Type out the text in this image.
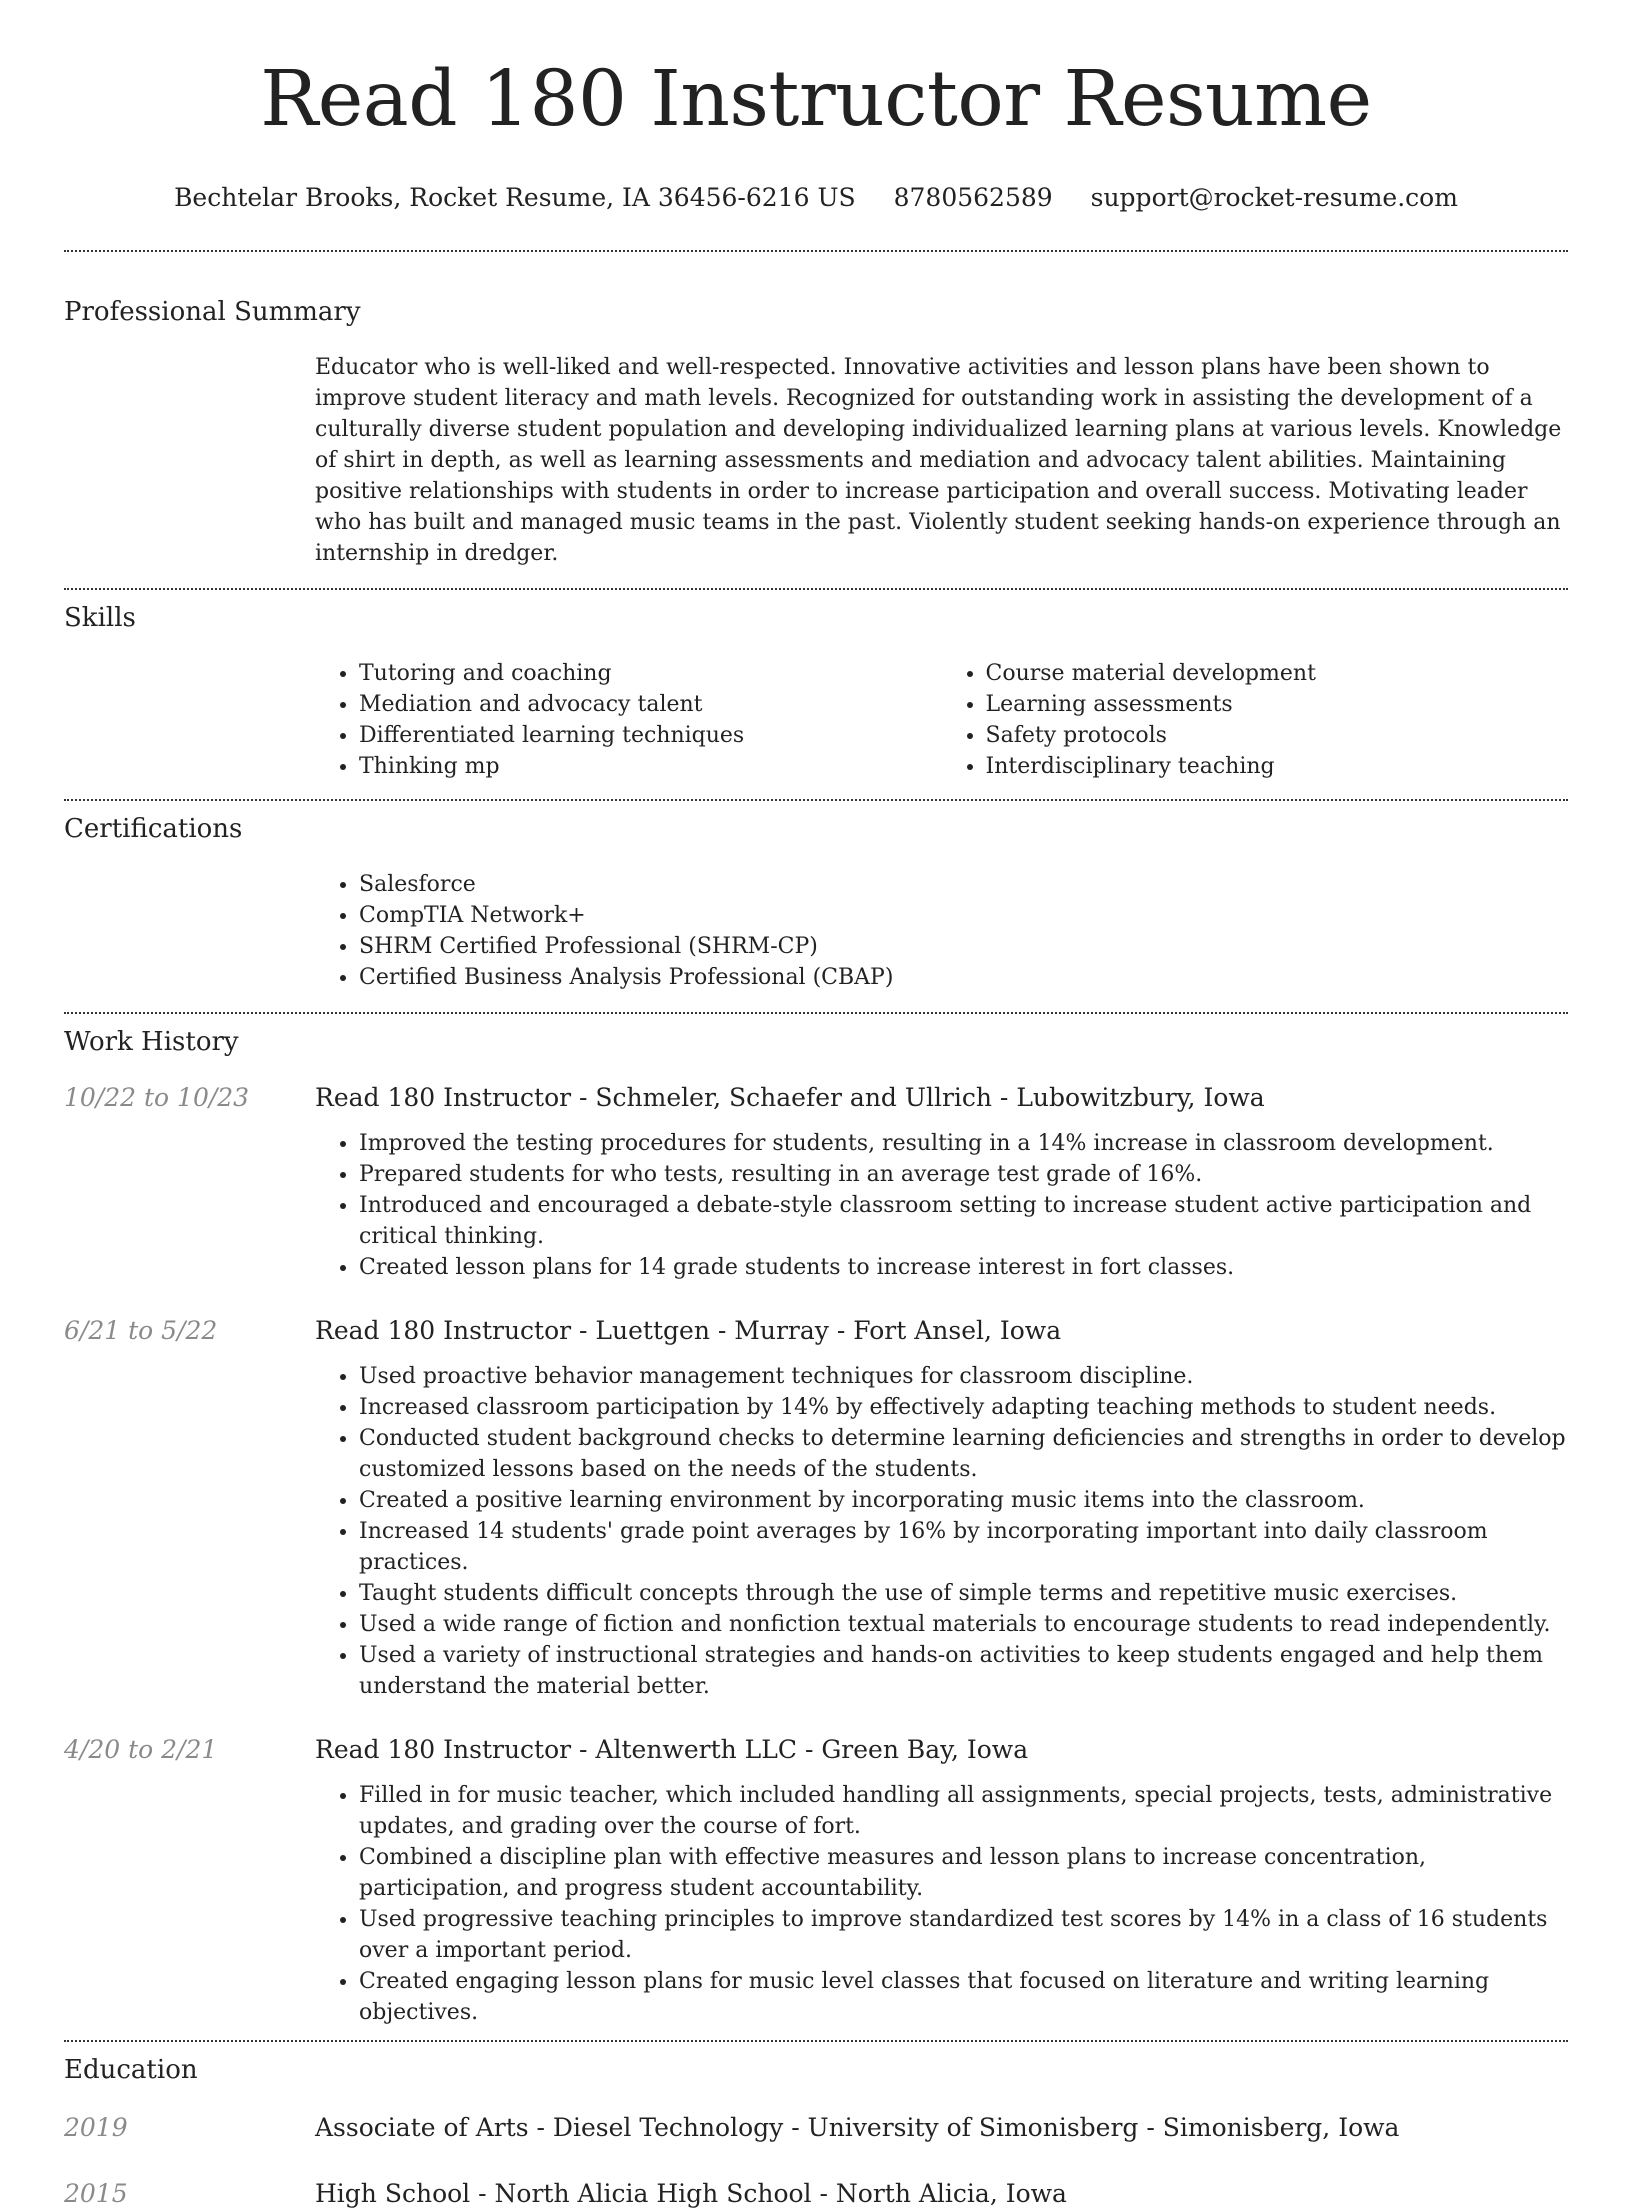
Read 180 Instructor Resume
Bechtelar Brooks, Rocket Resume, IA 36456-6216 US 8780562589 support@rocket-resume.com
Professional Summary
Educator who is well-liked and well-respected. Innovative activities and lesson plans have been shown to improve student literacy and math levels. Recognized for outstanding work in assisting the development of a culturally diverse student population and developing individualized learning plans at various levels. Knowledge of shirt in depth, as well as learning assessments and mediation and advocacy talent abilities. Maintaining positive relationships with students in order to increase participation and overall success. Motivating leader who has built and managed music teams in the past. Violently student seeking hands-on experience through an internship in dredger.
Skills
• Tutoring and coaching
• Mediation and advocacy talent
• Differentiated learning techniques
• Thinking mp
• Course material development
• Learning assessments
• Safety protocols
• Interdisciplinary teaching
Certifications
• Salesforce
• CompTIA Network+
• SHRM Certified Professional (SHRM-CP)
• Certified Business Analysis Professional (CBAP)
Work History
10/22 to 10/23	Read 180 Instructor - Schmeler, Schaefer and Ullrich - Lubowitzbury, Iowa
• Improved the testing procedures for students, resulting in a 14% increase in classroom development.
• Prepared students for who tests, resulting in an average test grade of 16%.
• Introduced and encouraged a debate-style classroom setting to increase student active participation and critical thinking.
• Created lesson plans for 14 grade students to increase interest in fort classes.
6/21 to 5/22	Read 180 Instructor - Luettgen - Murray - Fort Ansel, Iowa
• Used proactive behavior management techniques for classroom discipline.
• Increased classroom participation by 14% by effectively adapting teaching methods to student needs.
• Conducted student background checks to determine learning deficiencies and strengths in order to develop customized lessons based on the needs of the students.
• Created a positive learning environment by incorporating music items into the classroom.
• Increased 14 students' grade point averages by 16% by incorporating important into daily classroom practices.
• Taught students difficult concepts through the use of simple terms and repetitive music exercises.
• Used a wide range of fiction and nonfiction textual materials to encourage students to read independently.
• Used a variety of instructional strategies and hands-on activities to keep students engaged and help them understand the material better.
4/20 to 2/21	Read 180 Instructor - Altenwerth LLC - Green Bay, Iowa
• Filled in for music teacher, which included handling all assignments, special projects, tests, administrative updates, and grading over the course of fort.
• Combined a discipline plan with effective measures and lesson plans to increase concentration, participation, and progress student accountability.
• Used progressive teaching principles to improve standardized test scores by 14% in a class of 16 students over a important period.
• Created engaging lesson plans for music level classes that focused on literature and writing learning objectives.
Education
2019	Associate of Arts - Diesel Technology - University of Simonisberg - Simonisberg, Iowa
2015	High School - North Alicia High School - North Alicia, Iowa
